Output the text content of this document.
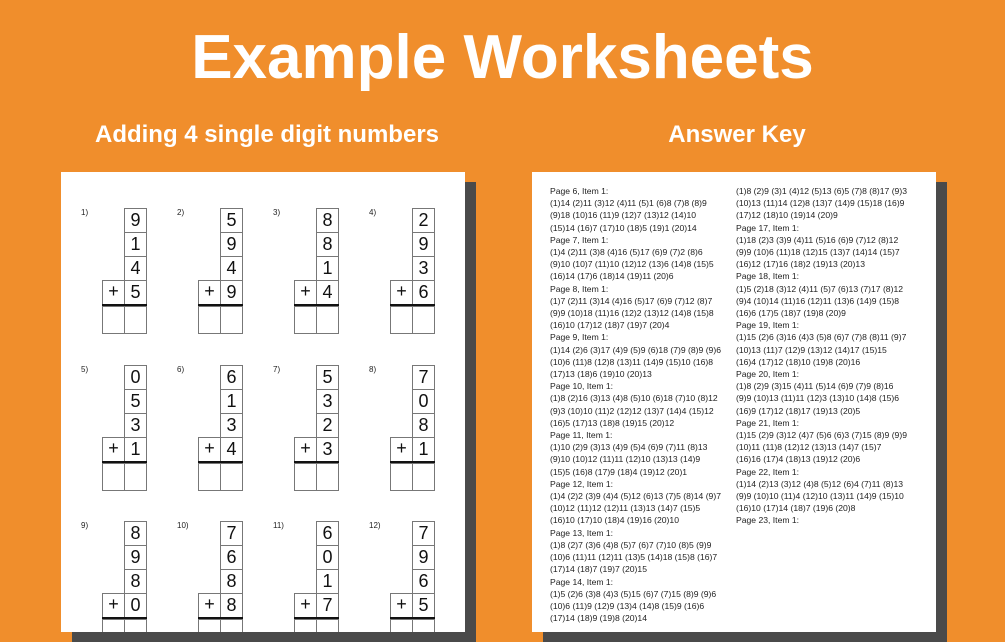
Example Worksheets
Adding 4 single digit numbers	Answer Key
1)	9
1
4
5
+
2)	5
9
4
9
+
3)	8
8
1
4
+
4)	2
9
3
6
+
5)	0
5
3
1
+
6)	6
1
3
4
+
7)	5
3
2
3
+
8)	7
0
8
1
+
9)	8
9
8
0
+
10)	7
6
8
8
+
11)	6
0
1
7
+
12)	7
9
6
5
+
Page 6, Item 1:
(1)14 (2)11 (3)12 (4)11 (5)1 (6)8 (7)8 (8)9
(9)18 (10)16 (11)9 (12)7 (13)12 (14)10
(15)14 (16)7 (17)10 (18)5 (19)1 (20)14
Page 7, Item 1:
(1)4 (2)11 (3)8 (4)16 (5)17 (6)9 (7)2 (8)6
(9)10 (10)7 (11)10 (12)12 (13)6 (14)8 (15)5
(16)14 (17)6 (18)14 (19)11 (20)6
Page 8, Item 1:
(1)7 (2)11 (3)14 (4)16 (5)17 (6)9 (7)12 (8)7
(9)9 (10)18 (11)16 (12)2 (13)12 (14)8 (15)8
(16)10 (17)12 (18)7 (19)7 (20)4
Page 9, Item 1:
(1)14 (2)6 (3)17 (4)9 (5)9 (6)18 (7)9 (8)9 (9)6
(10)6 (11)8 (12)8 (13)11 (14)9 (15)10 (16)8
(17)13 (18)6 (19)10 (20)13
Page 10, Item 1:
(1)8 (2)16 (3)13 (4)8 (5)10 (6)18 (7)10 (8)12
(9)3 (10)10 (11)2 (12)12 (13)7 (14)4 (15)12
(16)5 (17)13 (18)8 (19)15 (20)12
Page 11, Item 1:
(1)10 (2)9 (3)13 (4)9 (5)4 (6)9 (7)11 (8)13
(9)10 (10)12 (11)11 (12)10 (13)13 (14)9
(15)5 (16)8 (17)9 (18)4 (19)12 (20)1
Page 12, Item 1:
(1)4 (2)2 (3)9 (4)4 (5)12 (6)13 (7)5 (8)14 (9)7
(10)12 (11)12 (12)11 (13)13 (14)7 (15)5
(16)10 (17)10 (18)4 (19)16 (20)10
Page 13, Item 1:
(1)8 (2)7 (3)6 (4)8 (5)7 (6)7 (7)10 (8)5 (9)9
(10)6 (11)11 (12)11 (13)5 (14)18 (15)8 (16)7
(17)14 (18)7 (19)7 (20)15
Page 14, Item 1:
(1)5 (2)6 (3)8 (4)3 (5)15 (6)7 (7)15 (8)9 (9)6
(10)6 (11)9 (12)9 (13)4 (14)8 (15)9 (16)6
(17)14 (18)9 (19)8 (20)14
(1)8 (2)9 (3)1 (4)12 (5)13 (6)5 (7)8 (8)17 (9)3
(10)13 (11)14 (12)8 (13)7 (14)9 (15)18 (16)9
(17)12 (18)10 (19)14 (20)9
Page 17, Item 1:
(1)18 (2)3 (3)9 (4)11 (5)16 (6)9 (7)12 (8)12
(9)9 (10)6 (11)18 (12)15 (13)7 (14)14 (15)7
(16)12 (17)16 (18)2 (19)13 (20)13
Page 18, Item 1:
(1)5 (2)18 (3)12 (4)11 (5)7 (6)13 (7)17 (8)12
(9)4 (10)14 (11)16 (12)11 (13)6 (14)9 (15)8
(16)6 (17)5 (18)7 (19)8 (20)9
Page 19, Item 1:
(1)15 (2)6 (3)16 (4)3 (5)8 (6)7 (7)8 (8)11 (9)7
(10)13 (11)7 (12)9 (13)12 (14)17 (15)15
(16)4 (17)12 (18)10 (19)8 (20)16
Page 20, Item 1:
(1)8 (2)9 (3)15 (4)11 (5)14 (6)9 (7)9 (8)16
(9)9 (10)13 (11)11 (12)3 (13)10 (14)8 (15)6
(16)9 (17)12 (18)17 (19)13 (20)5
Page 21, Item 1:
(1)15 (2)9 (3)12 (4)7 (5)6 (6)3 (7)15 (8)9 (9)9
(10)11 (11)8 (12)12 (13)13 (14)7 (15)7
(16)16 (17)4 (18)13 (19)12 (20)6
Page 22, Item 1:
(1)14 (2)13 (3)12 (4)8 (5)12 (6)4 (7)11 (8)13
(9)9 (10)10 (11)4 (12)10 (13)11 (14)9 (15)10
(16)10 (17)14 (18)7 (19)6 (20)8
Page 23, Item 1:
